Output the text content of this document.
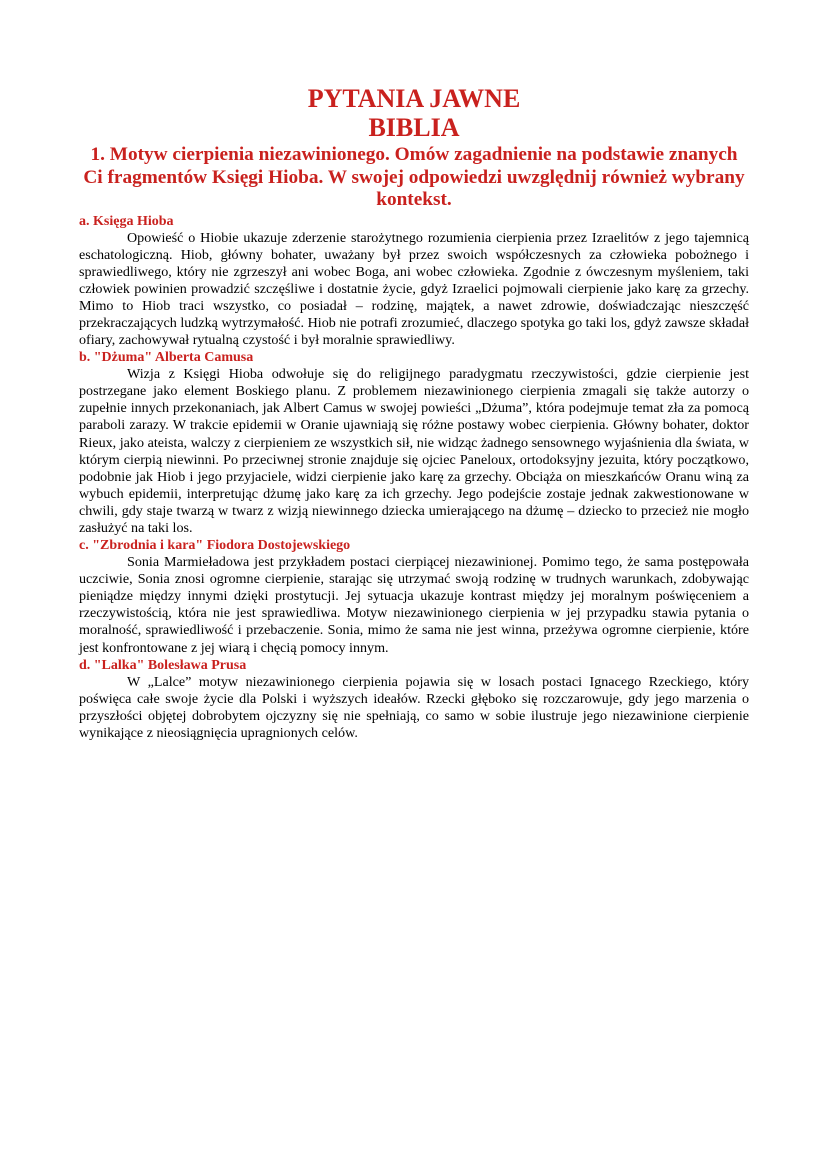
PYTANIA JAWNE
BIBLIA
1. Motyw cierpienia niezawinionego. Omów zagadnienie na podstawie znanych Ci fragmentów Księgi Hioba. W swojej odpowiedzi uwzględnij również wybrany kontekst.
a. Księga Hioba

Opowieść o Hiobie ukazuje zderzenie starożytnego rozumienia cierpienia przez Izraelitów z jego tajemnicą eschatologiczną. Hiob, główny bohater, uważany był przez swoich współczesnych za człowieka pobożnego i sprawiedliwego, który nie zgrzeszył ani wobec Boga, ani wobec człowieka. Zgodnie z ówczesnym myśleniem, taki człowiek powinien prowadzić szczęśliwe i dostatnie życie, gdyż Izraelici pojmowali cierpienie jako karę za grzechy. Mimo to Hiob traci wszystko, co posiadał – rodzinę, majątek, a nawet zdrowie, doświadczając nieszczęść przekraczających ludzką wytrzymałość. Hiob nie potrafi zrozumieć, dlaczego spotyka go taki los, gdyż zawsze składał ofiary, zachowywał rytualną czystość i był moralnie sprawiedliwy.

b. "Dżuma" Alberta Camusa

Wizja z Księgi Hioba odwołuje się do religijnego paradygmatu rzeczywistości, gdzie cierpienie jest postrzegane jako element Boskiego planu. Z problemem niezawinionego cierpienia zmagali się także autorzy o zupełnie innych przekonaniach, jak Albert Camus w swojej powieści „Dżuma”, która podejmuje temat zła za pomocą paraboli zarazy. W trakcie epidemii w Oranie ujawniają się różne postawy wobec cierpienia. Główny bohater, doktor Rieux, jako ateista, walczy z cierpieniem ze wszystkich sił, nie widząc żadnego sensownego wyjaśnienia dla świata, w którym cierpią niewinni. Po przeciwnej stronie znajduje się ojciec Paneloux, ortodoksyjny jezuita, który początkowo, podobnie jak Hiob i jego przyjaciele, widzi cierpienie jako karę za grzechy. Obciąża on mieszkańców Oranu winą za wybuch epidemii, interpretując dżumę jako karę za ich grzechy. Jego podejście zostaje jednak zakwestionowane w chwili, gdy staje twarzą w twarz z wizją niewinnego dziecka umierającego na dżumę – dziecko to przecież nie mogło zasłużyć na taki los.

c. "Zbrodnia i kara" Fiodora Dostojewskiego

Sonia Marmieładowa jest przykładem postaci cierpiącej niezawinionej. Pomimo tego, że sama postępowała uczciwie, Sonia znosi ogromne cierpienie, starając się utrzymać swoją rodzinę w trudnych warunkach, zdobywając pieniądze między innymi dzięki prostytucji. Jej sytuacja ukazuje kontrast między jej moralnym poświęceniem a rzeczywistością, która nie jest sprawiedliwa. Motyw niezawinionego cierpienia w jej przypadku stawia pytania o moralność, sprawiedliwość i przebaczenie. Sonia, mimo że sama nie jest winna, przeżywa ogromne cierpienie, które jest konfrontowane z jej wiarą i chęcią pomocy innym.

d. "Lalka" Bolesława Prusa

W „Lalce” motyw niezawinionego cierpienia pojawia się w losach postaci Ignacego Rzeckiego, który poświęca całe swoje życie dla Polski i wyższych ideałów. Rzecki głęboko się rozczarowuje, gdy jego marzenia o przyszłości objętej dobrobytem ojczyzny się nie spełniają, co samo w sobie ilustruje jego niezawinione cierpienie wynikające z nieosiągnięcia upragnionych celów.
